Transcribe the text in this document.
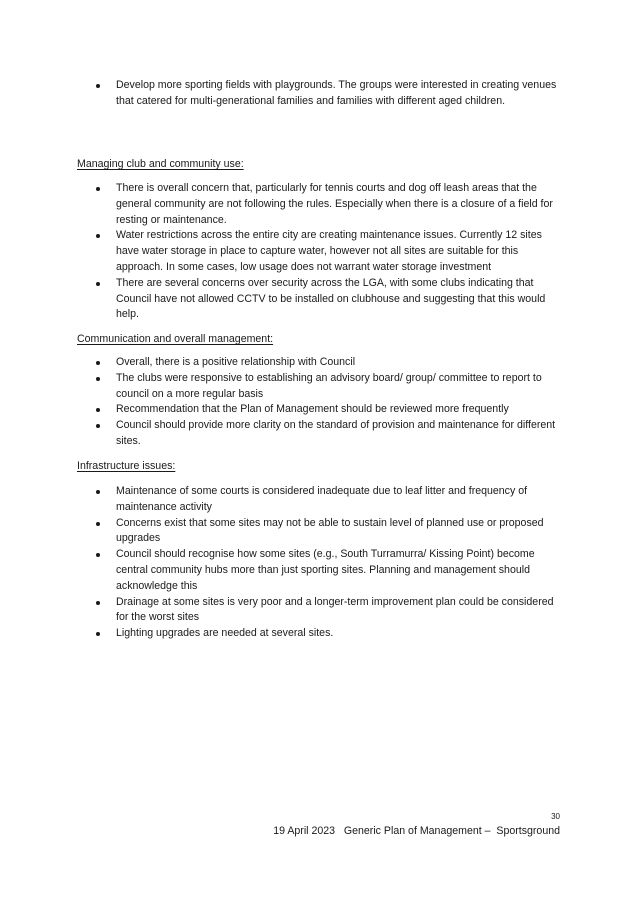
Develop more sporting fields with playgrounds. The groups were interested in creating venues that catered for multi-generational families and families with different aged children.
Managing club and community use:
There is overall concern that, particularly for tennis courts and dog off leash areas that the general community are not following the rules. Especially when there is a closure of a field for resting or maintenance.
Water restrictions across the entire city are creating maintenance issues. Currently 12 sites have water storage in place to capture water, however not all sites are suitable for this approach. In some cases, low usage does not warrant water storage investment
There are several concerns over security across the LGA, with some clubs indicating that Council have not allowed CCTV to be installed on clubhouse and suggesting that this would help.
Communication and overall management:
Overall, there is a positive relationship with Council
The clubs were responsive to establishing an advisory board/ group/ committee to report to council on a more regular basis
Recommendation that the Plan of Management should be reviewed more frequently
Council should provide more clarity on the standard of provision and maintenance for different sites.
Infrastructure issues:
Maintenance of some courts is considered inadequate due to leaf litter and frequency of maintenance activity
Concerns exist that some sites may not be able to sustain level of planned use or proposed upgrades
Council should recognise how some sites (e.g., South Turramurra/ Kissing Point) become central community hubs more than just sporting sites. Planning and management should acknowledge this
Drainage at some sites is very poor and a longer-term improvement plan could be considered for the worst sites
Lighting upgrades are needed at several sites.
30
19 April 2023   Generic Plan of Management –  Sportsground
